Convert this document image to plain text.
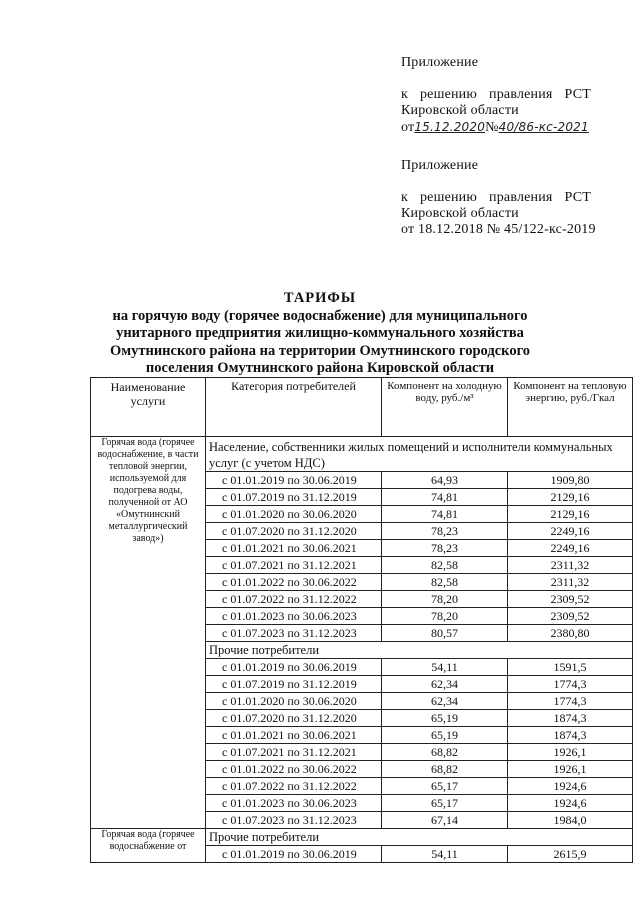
Приложение
к решению правления РСТ
Кировской области
от15.12.2020№40/86-кс-2021
Приложение
к решению правления РСТ
Кировской области
от 18.12.2018 № 45/122-кс-2019
ТАРИФЫ
на горячую воду (горячее водоснабжение) для муниципального
унитарного предприятия жилищно-коммунального хозяйства
Омутнинского района на территории Омутнинского городского
поселения Омутнинского района Кировской области
Наименование услуги	Категория потребителей	Компонент на холодную воду, руб./м³	Компонент на тепловую энергию, руб./Гкал
Горячая вода (горячее водоснабжение, в части тепловой энергии, используемой для подогрева воды, полученной от АО «Омутнинский металлургический завод»)	Население, собственники жилых помещений и исполнители коммунальных услуг (с учетом НДС)		
	с 01.01.2019 по 30.06.2019	64,93	1909,80
	с 01.07.2019 по 31.12.2019	74,81	2129,16
	с 01.01.2020 по 30.06.2020	74,81	2129,16
	с 01.07.2020 по 31.12.2020	78,23	2249,16
	с 01.01.2021 по 30.06.2021	78,23	2249,16
	с 01.07.2021 по 31.12.2021	82,58	2311,32
	с 01.01.2022 по 30.06.2022	82,58	2311,32
	с 01.07.2022 по 31.12.2022	78,20	2309,52
	с 01.01.2023 по 30.06.2023	78,20	2309,52
	с 01.07.2023 по 31.12.2023	80,57	2380,80
	Прочие потребители		
	с 01.01.2019 по 30.06.2019	54,11	1591,5
	с 01.07.2019 по 31.12.2019	62,34	1774,3
	с 01.01.2020 по 30.06.2020	62,34	1774,3
	с 01.07.2020 по 31.12.2020	65,19	1874,3
	с 01.01.2021 по 30.06.2021	65,19	1874,3
	с 01.07.2021 по 31.12.2021	68,82	1926,1
	с 01.01.2022 по 30.06.2022	68,82	1926,1
	с 01.07.2022 по 31.12.2022	65,17	1924,6
	с 01.01.2023 по 30.06.2023	65,17	1924,6
	с 01.07.2023 по 31.12.2023	67,14	1984,0
Горячая вода (горячее водоснабжение от	Прочие потребители		
	с 01.01.2019 по 30.06.2019	54,11	2615,9
